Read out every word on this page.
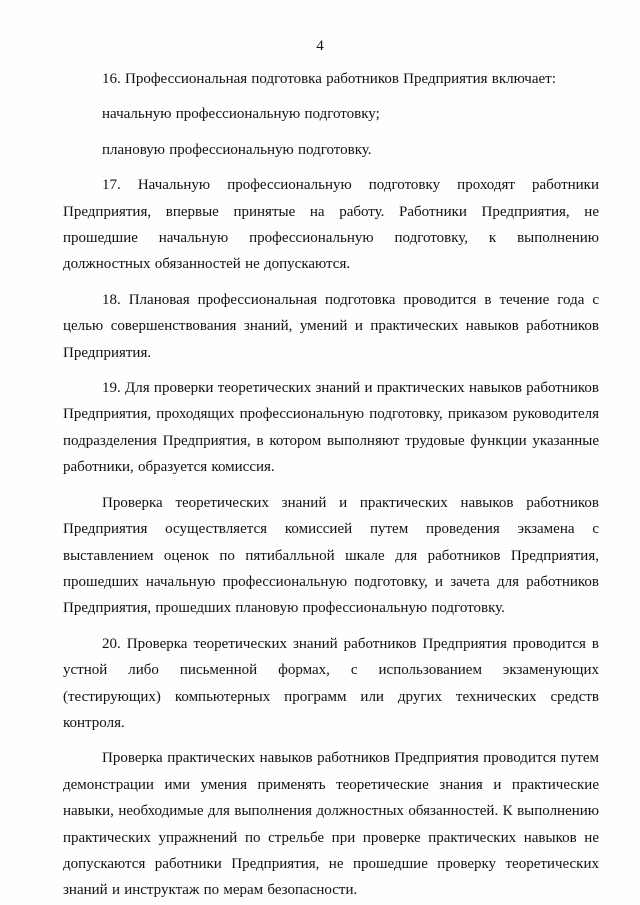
4

16. Профессиональная подготовка работников Предприятия включает:

начальную профессиональную подготовку;

плановую профессиональную подготовку.

17. Начальную профессиональную подготовку проходят работники Предприятия, впервые принятые на работу. Работники Предприятия, не прошедшие начальную профессиональную подготовку, к выполнению должностных обязанностей не допускаются.

18. Плановая профессиональная подготовка проводится в течение года с целью совершенствования знаний, умений и практических навыков работников Предприятия.

19. Для проверки теоретических знаний и практических навыков работников Предприятия, проходящих профессиональную подготовку, приказом руководителя подразделения Предприятия, в котором выполняют трудовые функции указанные работники, образуется комиссия.

Проверка теоретических знаний и практических навыков работников Предприятия осуществляется комиссией путем проведения экзамена с выставлением оценок по пятибалльной шкале для работников Предприятия, прошедших начальную профессиональную подготовку, и зачета для работников Предприятия, прошедших плановую профессиональную подготовку.

20. Проверка теоретических знаний работников Предприятия проводится в устной либо письменной формах, с использованием экзаменующих (тестирующих) компьютерных программ или других технических средств контроля.

Проверка практических навыков работников Предприятия проводится путем демонстрации ими умения применять теоретические знания и практические навыки, необходимые для выполнения должностных обязанностей. К выполнению практических упражнений по стрельбе при проверке практических навыков не допускаются работники Предприятия, не прошедшие проверку теоретических знаний и инструктаж по мерам безопасности.
